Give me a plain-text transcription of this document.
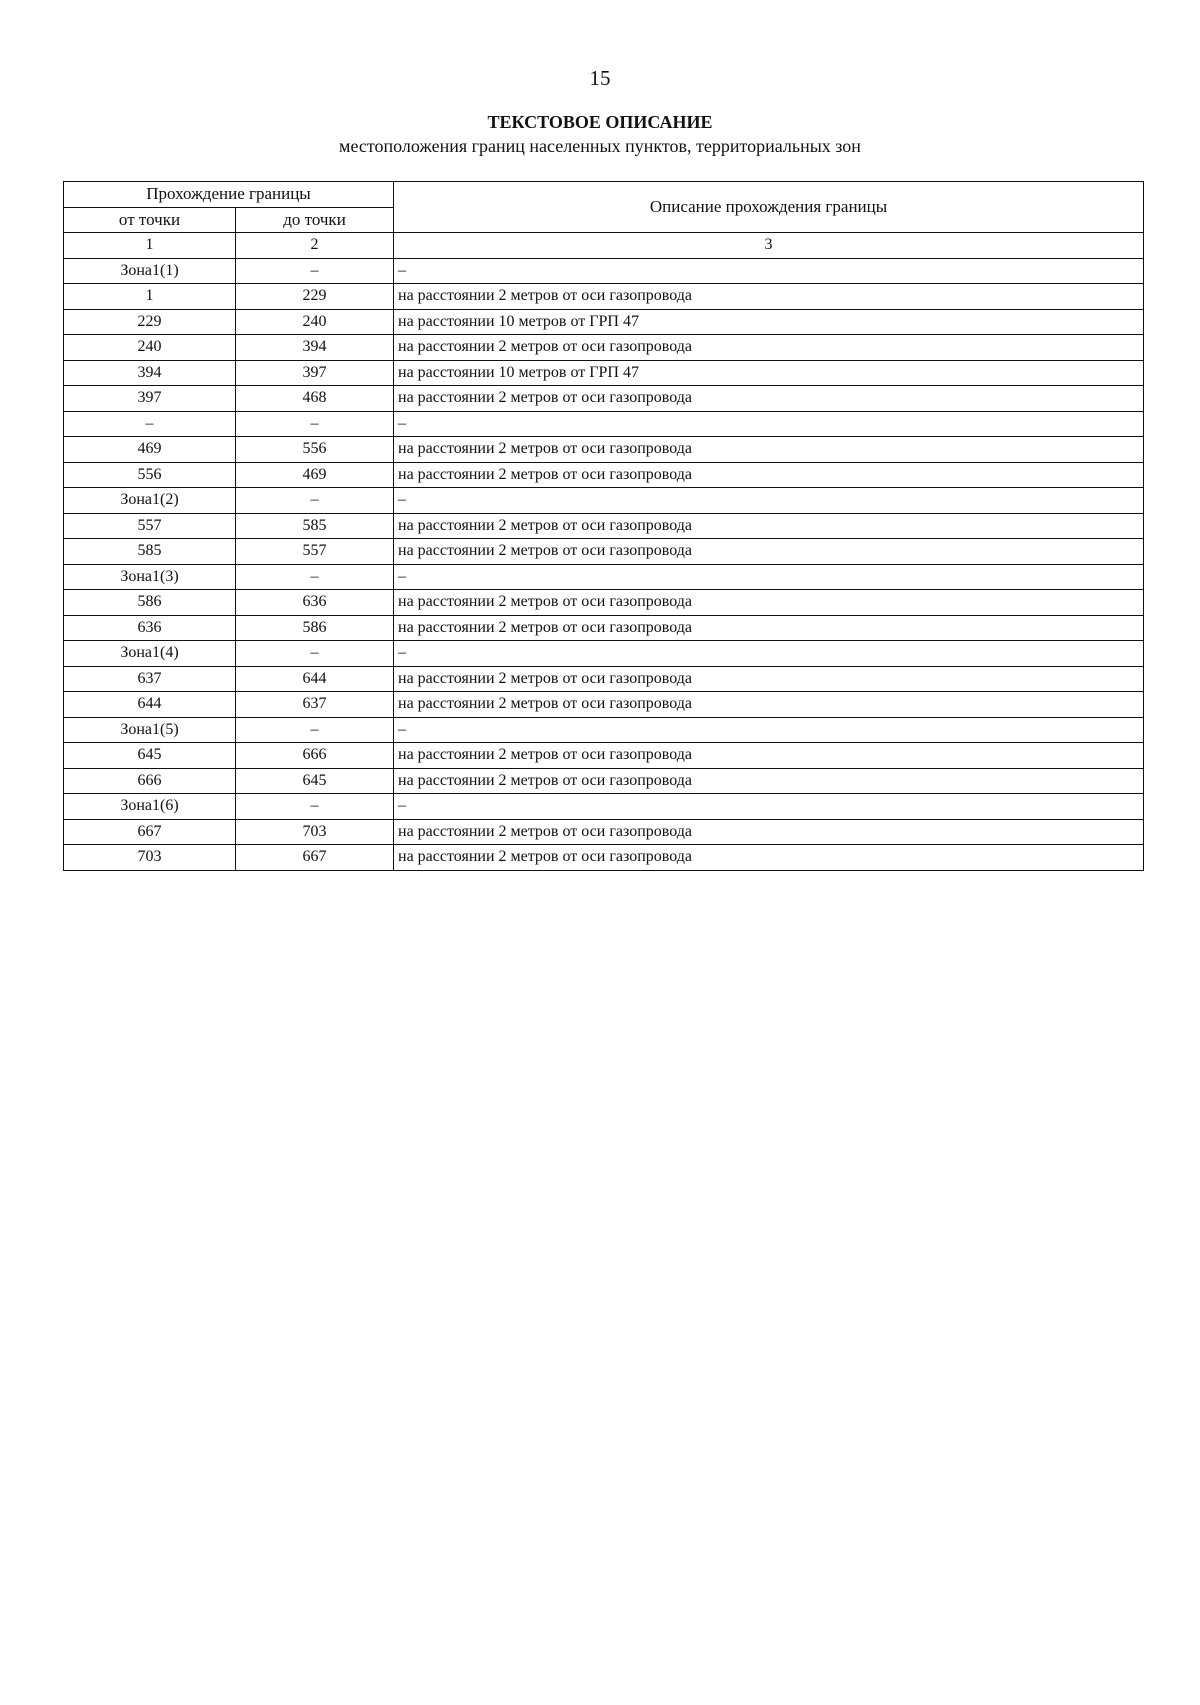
15
ТЕКСТОВОЕ ОПИСАНИЕ
местоположения границ населенных пунктов, территориальных зон
Прохождение границы		Описание прохождения границы
от точки	до точки	
1	2	3
Зона1(1)	–	–
1	229	на расстоянии 2 метров от оси газопровода
229	240	на расстоянии 10 метров от ГРП 47
240	394	на расстоянии 2 метров от оси газопровода
394	397	на расстоянии 10 метров от ГРП 47
397	468	на расстоянии 2 метров от оси газопровода
–	–	–
469	556	на расстоянии 2 метров от оси газопровода
556	469	на расстоянии 2 метров от оси газопровода
Зона1(2)	–	–
557	585	на расстоянии 2 метров от оси газопровода
585	557	на расстоянии 2 метров от оси газопровода
Зона1(3)	–	–
586	636	на расстоянии 2 метров от оси газопровода
636	586	на расстоянии 2 метров от оси газопровода
Зона1(4)	–	–
637	644	на расстоянии 2 метров от оси газопровода
644	637	на расстоянии 2 метров от оси газопровода
Зона1(5)	–	–
645	666	на расстоянии 2 метров от оси газопровода
666	645	на расстоянии 2 метров от оси газопровода
Зона1(6)	–	–
667	703	на расстоянии 2 метров от оси газопровода
703	667	на расстоянии 2 метров от оси газопровода
